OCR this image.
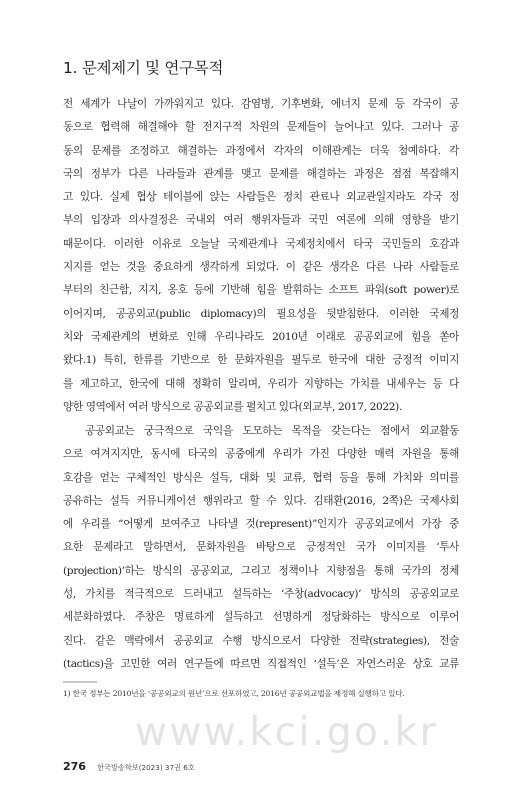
1. 문제제기 및 연구목적
전 세계가 나날이 가까워지고 있다. 감염병, 기후변화, 에너지 문제 등 각국이 공
동으로 협력해 해결해야 할 전지구적 차원의 문제들이 늘어나고 있다. 그러나 공
동의 문제를 조정하고 해결하는 과정에서 각자의 이해관계는 더욱 첨예하다. 각
국의 정부가 다른 나라들과 관계를 맺고 문제를 해결하는 과정은 점점 복잡해지
고 있다. 실제 협상 테이블에 앉는 사람들은 정치 관료나 외교관일지라도 각국 정
부의 입장과 의사결정은 국내외 여러 행위자들과 국민 여론에 의해 영향을 받기
때문이다. 이러한 이유로 오늘날 국제관계나 국제정치에서 타국 국민들의 호감과
지지를 얻는 것을 중요하게 생각하게 되었다. 이 같은 생각은 다른 나라 사람들로
부터의 친근함, 지지, 옹호 등에 기반해 힘을 발휘하는 소프트 파워(soft power)로
이어지며, 공공외교(public diplomacy)의 필요성을 뒷받침한다. 이러한 국제정
치와 국제관계의 변화로 인해 우리나라도 2010년 이래로 공공외교에 힘을 쏟아
왔다.1) 특히, 한류를 기반으로 한 문화자원을 필두로 한국에 대한 긍정적 이미지
를 제고하고, 한국에 대해 정확히 알리며, 우리가 지향하는 가치를 내세우는 등 다
양한 영역에서 여러 방식으로 공공외교를 펼치고 있다(외교부, 2017, 2022).
공공외교는 궁극적으로 국익을 도모하는 목적을 갖는다는 점에서 외교활동
으로 여겨지지만, 동시에 타국의 공중에게 우리가 가진 다양한 매력 자원을 통해
호감을 얻는 구체적인 방식은 설득, 대화 및 교류, 협력 등을 통해 가치와 의미를
공유하는 설득 커뮤니케이션 행위라고 할 수 있다. 김태환(2016, 2쪽)은 국제사회
에 우리를 “어떻게 보여주고 나타낼 것(represent)”인지가 공공외교에서 가장 중
요한 문제라고 말하면서, 문화자원을 바탕으로 긍정적인 국가 이미지를 ‘투사
(projection)’하는 방식의 공공외교, 그리고 정책이나 지향점을 통해 국가의 정체
성, 가치를 적극적으로 드러내고 설득하는 ‘주창(advocacy)’ 방식의 공공외교로
세분화하였다. 주창은 명료하게 설득하고 선명하게 정당화하는 방식으로 이루어
진다. 같은 맥락에서 공공외교 수행 방식으로서 다양한 전략(strategies), 전술
(tactics)을 고민한 여러 연구들에 따르면 직접적인 ‘설득’은 자연스러운 상호 교류
1) 한국 정부는 2010년을 ‘공공외교의 원년’으로 선포하였고, 2016년 공공외교법을 제정해 실행하고 있다.
www.kci.go.kr
276 한국방송학보(2023) 37권 6호
